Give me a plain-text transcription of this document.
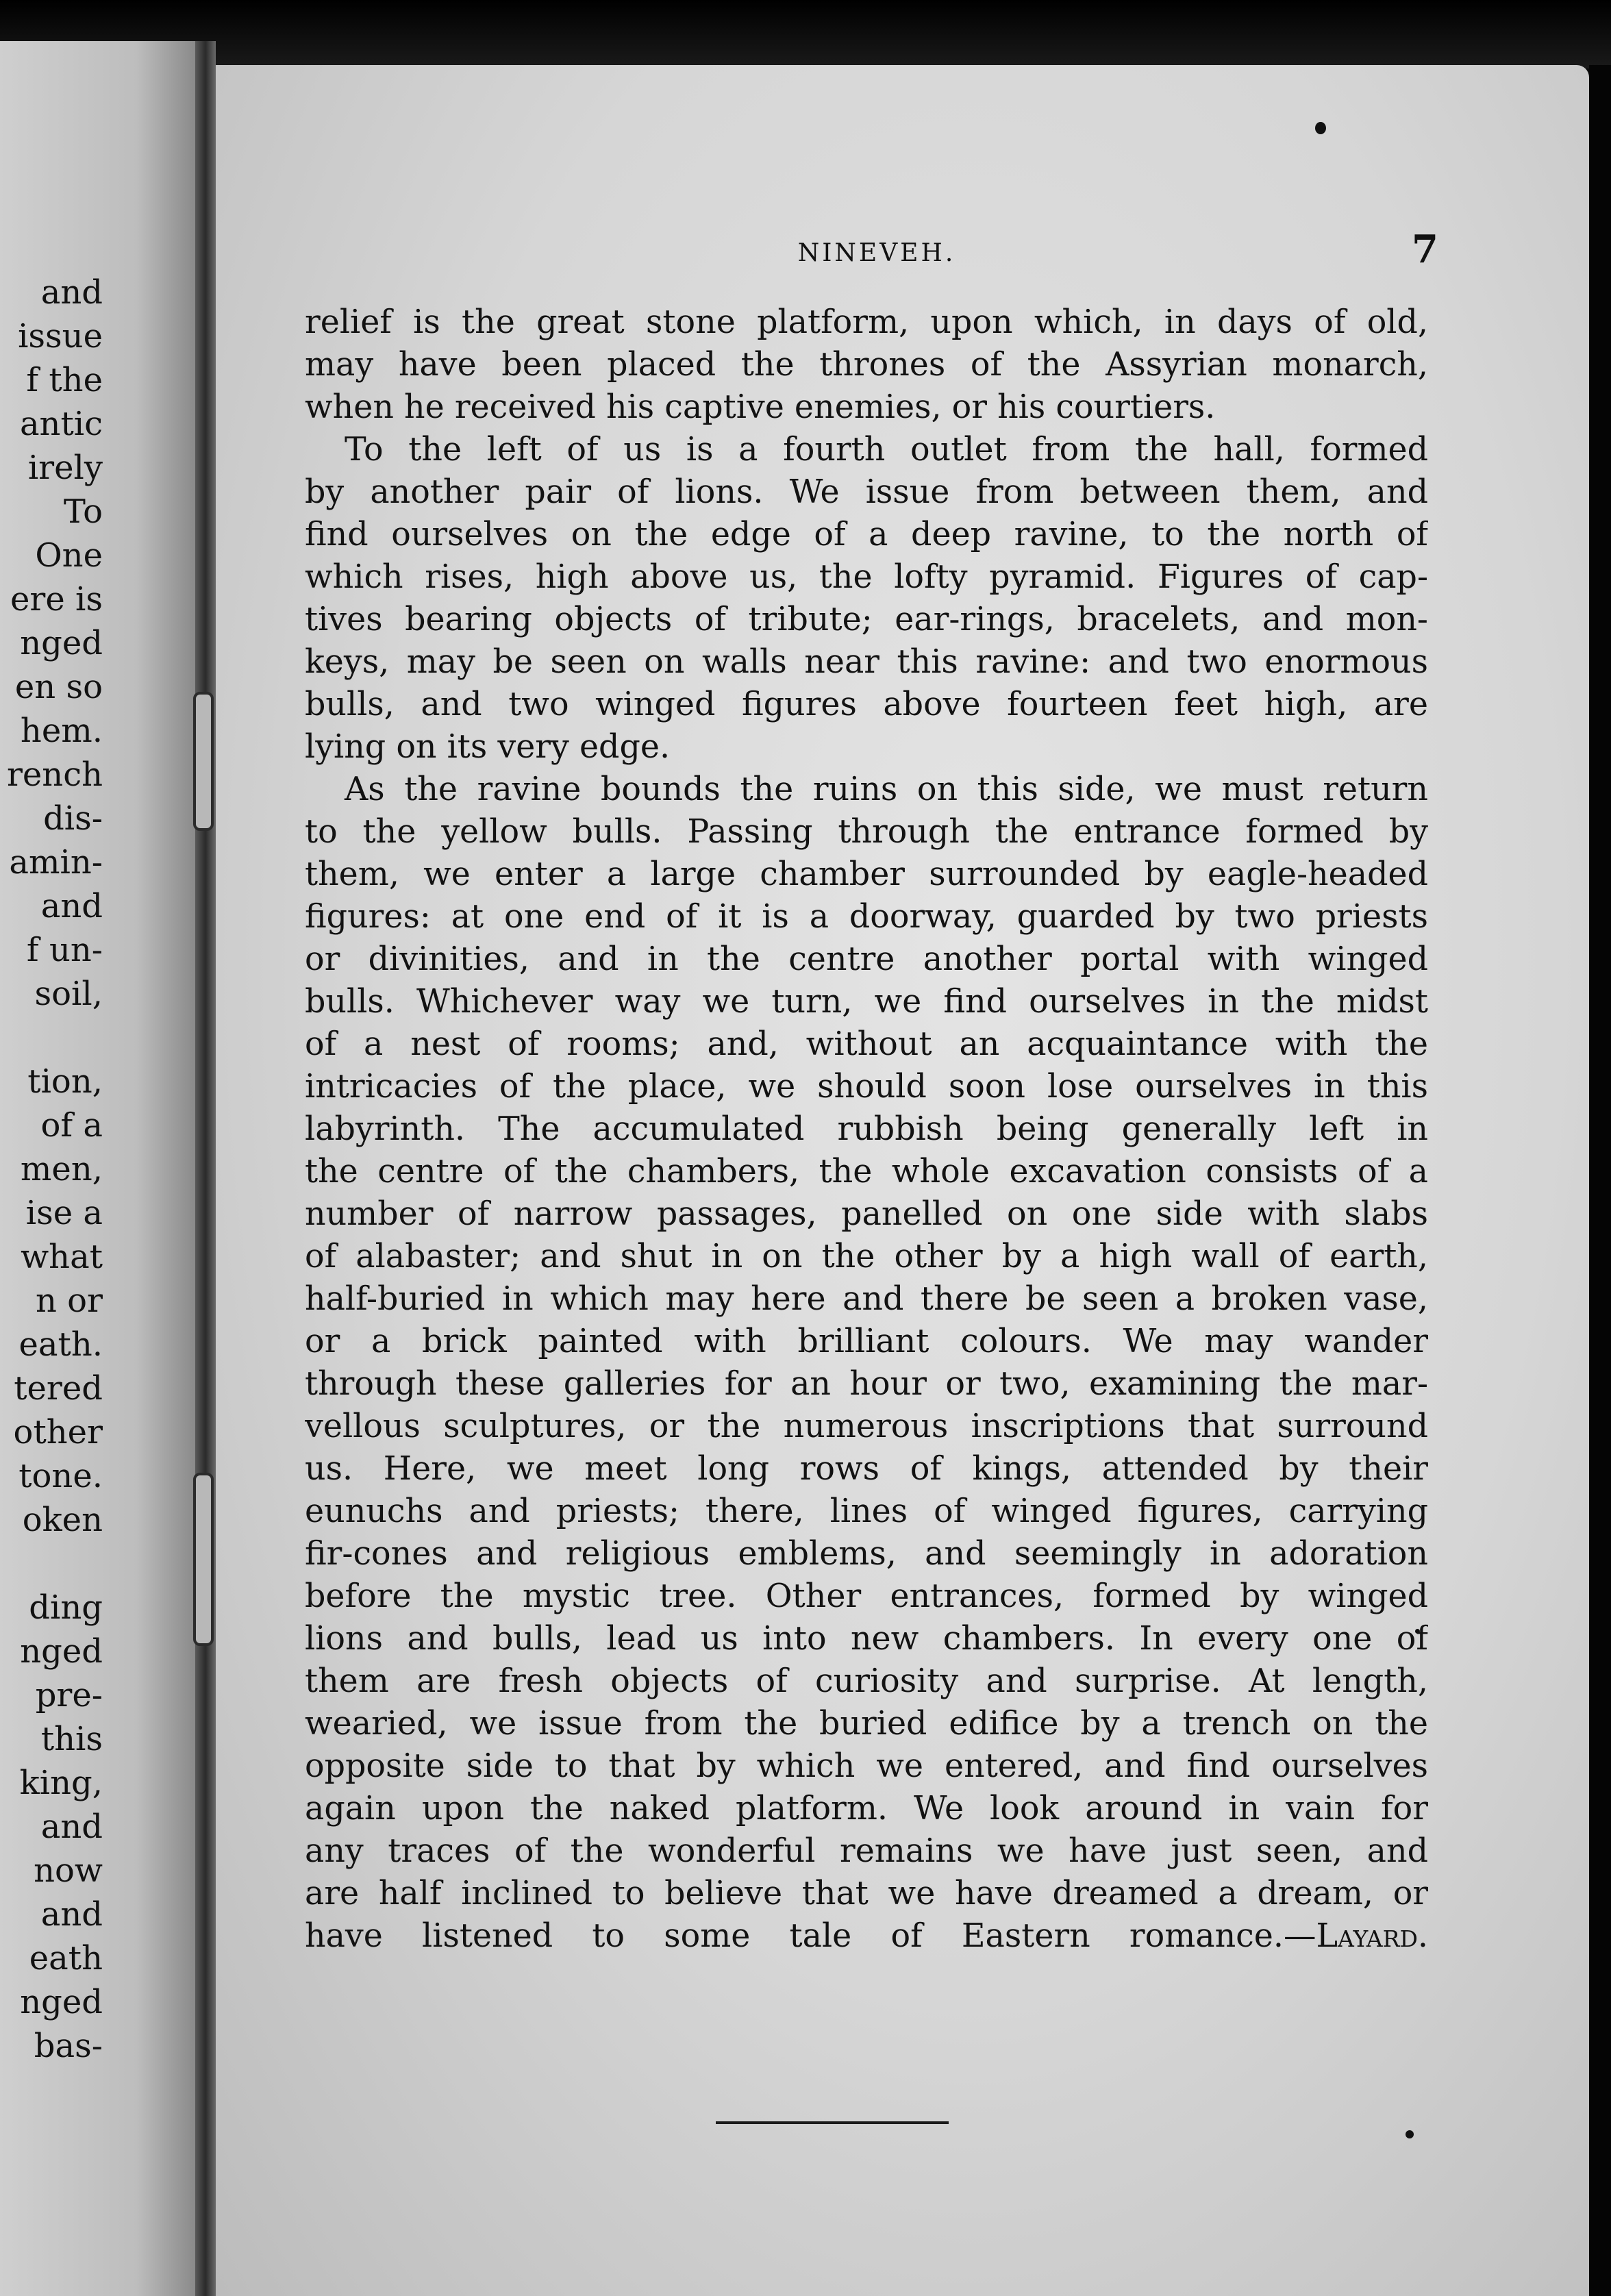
and
issue
f the
antic
irely
To
One
ere is
nged
en so
hem.
rench
dis-
amin-
and
f un-
soil,
tion,
of a
men,
ise a
what
n or
eath.
tered
other
tone.
oken
ding
nged
pre-
this
king,
and
now
and
eath
nged
bas-
NINEVEH.	7
relief is the great stone platform, upon which, in days of old,
may have been placed the thrones of the Assyrian monarch,
when he received his captive enemies, or his courtiers.
To the left of us is a fourth outlet from the hall, formed
by another pair of lions. We issue from between them, and
find ourselves on the edge of a deep ravine, to the north of
which rises, high above us, the lofty pyramid. Figures of cap-
tives bearing objects of tribute; ear-rings, bracelets, and mon-
keys, may be seen on walls near this ravine: and two enormous
bulls, and two winged figures above fourteen feet high, are
lying on its very edge.
As the ravine bounds the ruins on this side, we must return
to the yellow bulls. Passing through the entrance formed by
them, we enter a large chamber surrounded by eagle-headed
figures: at one end of it is a doorway, guarded by two priests
or divinities, and in the centre another portal with winged
bulls. Whichever way we turn, we find ourselves in the midst
of a nest of rooms; and, without an acquaintance with the
intricacies of the place, we should soon lose ourselves in this
labyrinth. The accumulated rubbish being generally left in
the centre of the chambers, the whole excavation consists of a
number of narrow passages, panelled on one side with slabs
of alabaster; and shut in on the other by a high wall of earth,
half-buried in which may here and there be seen a broken vase,
or a brick painted with brilliant colours. We may wander
through these galleries for an hour or two, examining the mar-
vellous sculptures, or the numerous inscriptions that surround
us. Here, we meet long rows of kings, attended by their
eunuchs and priests; there, lines of winged figures, carrying
fir-cones and religious emblems, and seemingly in adoration
before the mystic tree. Other entrances, formed by winged
lions and bulls, lead us into new chambers. In every one of
them are fresh objects of curiosity and surprise. At length,
wearied, we issue from the buried edifice by a trench on the
opposite side to that by which we entered, and find ourselves
again upon the naked platform. We look around in vain for
any traces of the wonderful remains we have just seen, and
are half inclined to believe that we have dreamed a dream, or
have listened to some tale of Eastern romance.—Layard.
